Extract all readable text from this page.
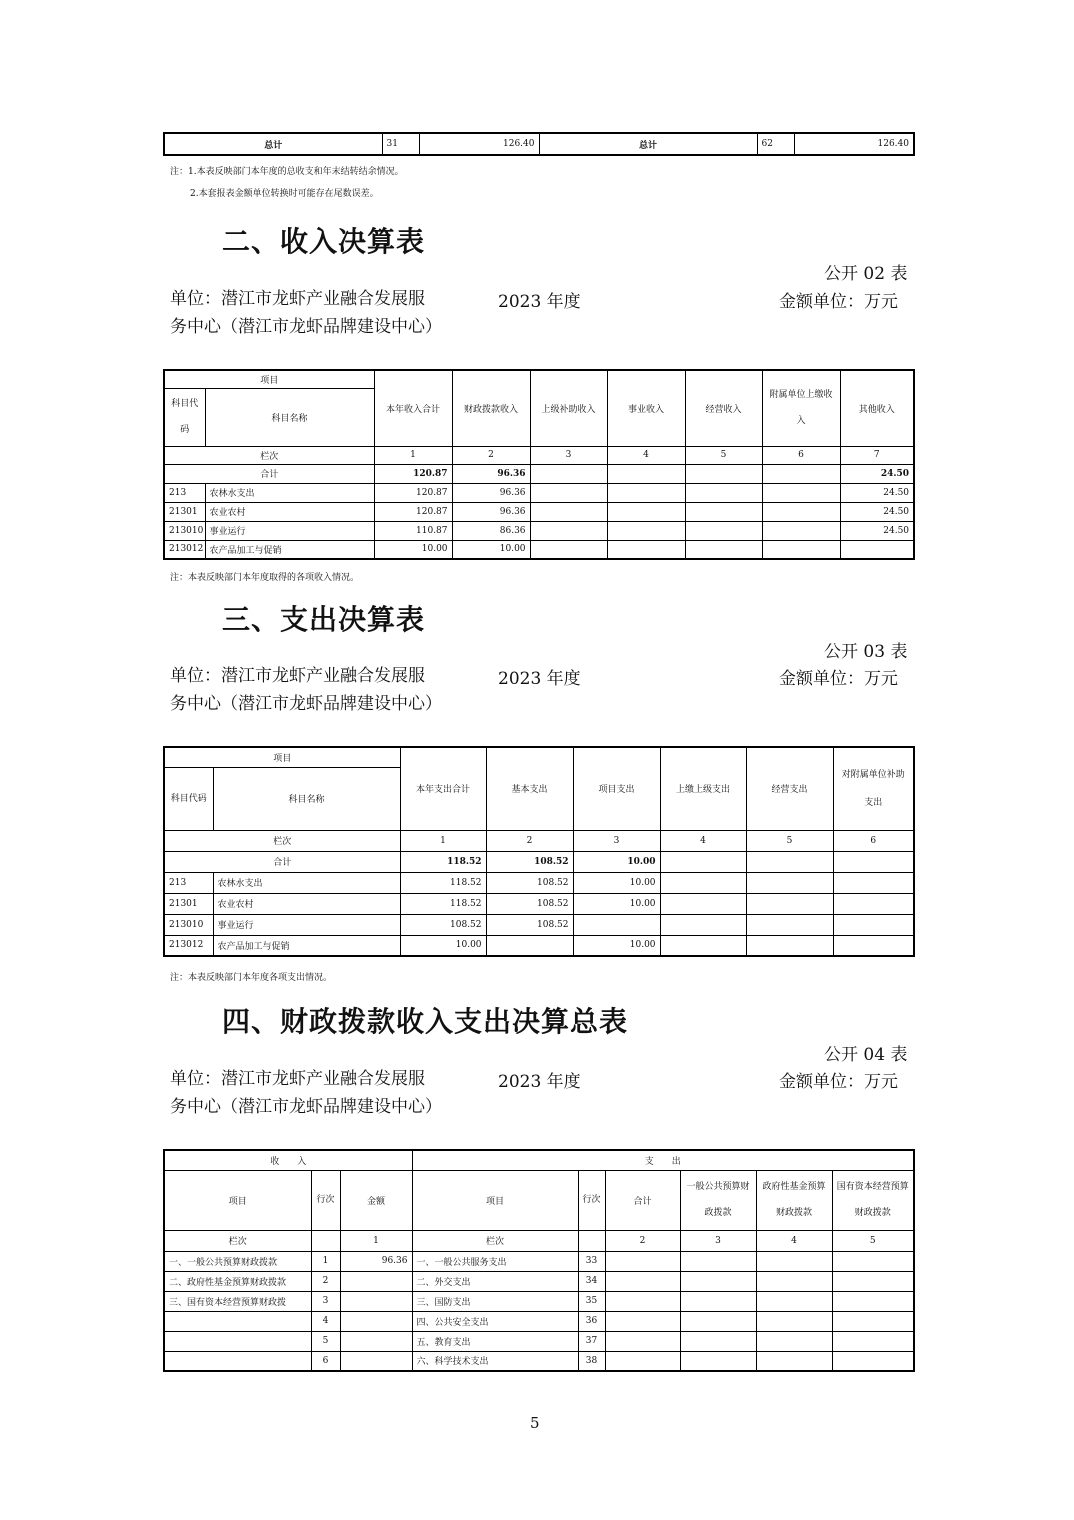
总计	31	126.40	总计	62	126.40
注：1.本表反映部门本年度的总收支和年末结转结余情况。
2.本套报表金额单位转换时可能存在尾数误差。
二、收入决算表
公开 02 表
单位：潜江市龙虾产业融合发展服务中心（潜江市龙虾品牌建设中心）
2023 年度	金额单位：万元
项目		本年收入合计	财政拨款收入	上级补助收入	事业收入	经营收入	附属单位上缴收入	其他收入
科目代码	科目名称							
栏次		1	2	3	4	5	6	7
合计		120.87	96.36					24.50
213	农林水支出	120.87	96.36					24.50
21301	农业农村	120.87	96.36					24.50
213010	事业运行	110.87	86.36					24.50
213012	农产品加工与促销	10.00	10.00					
注：本表反映部门本年度取得的各项收入情况。
三、支出决算表
公开 03 表
单位：潜江市龙虾产业融合发展服务中心（潜江市龙虾品牌建设中心）
2023 年度	金额单位：万元
项目		本年支出合计	基本支出	项目支出	上缴上级支出	经营支出	对附属单位补助支出
科目代码	科目名称						
栏次		1	2	3	4	5	6
合计		118.52	108.52	10.00			
213	农林水支出	118.52	108.52	10.00			
21301	农业农村	118.52	108.52	10.00			
213010	事业运行	108.52	108.52				
213012	农产品加工与促销	10.00		10.00			
注：本表反映部门本年度各项支出情况。
四、财政拨款收入支出决算总表
公开 04 表
单位：潜江市龙虾产业融合发展服务中心（潜江市龙虾品牌建设中心）
2023 年度	金额单位：万元
收　　入			支　　出					
项目	行次	金额	项目	行次	合计	一般公共预算财政拨款	政府性基金预算财政拨款	国有资本经营预算财政拨款
栏次		1	栏次		2	3	4	5
一、一般公共预算财政拨款	1	96.36	一、一般公共服务支出	33				
二、政府性基金预算财政拨款	2		二、外交支出	34				
三、国有资本经营预算财政拨	3		三、国防支出	35				
	4		四、公共安全支出	36				
	5		五、教育支出	37				
	6		六、科学技术支出	38				
5
